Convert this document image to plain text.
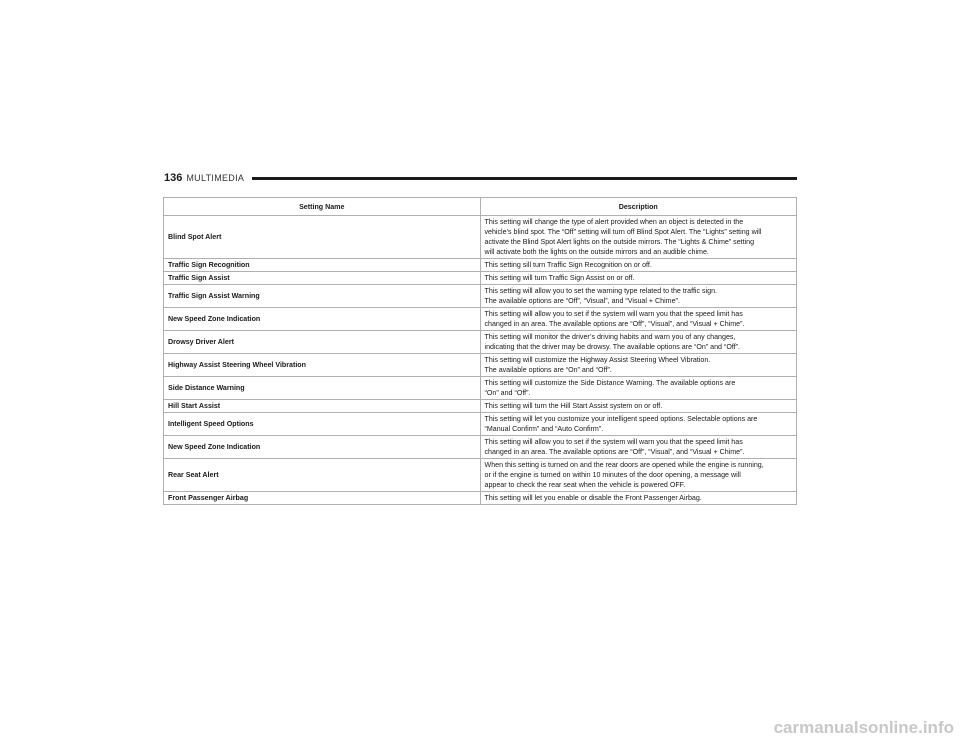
136 MULTIMEDIA
Setting Name	Description
Blind Spot Alert	This setting will change the type of alert provided when an object is detected in the
vehicle’s blind spot. The “Off” setting will turn off Blind Spot Alert. The “Lights” setting will
activate the Blind Spot Alert lights on the outside mirrors. The “Lights & Chime” setting
will activate both the lights on the outside mirrors and an audible chime.

Traffic Sign Recognition	This setting sill turn Traffic Sign Recognition on or off.

Traffic Sign Assist	This setting will turn Traffic Sign Assist on or off.

Traffic Sign Assist Warning	This setting will allow you to set the warning type related to the traffic sign.
The available options are “Off”, “Visual”, and “Visual + Chime”.

New Speed Zone Indication	This setting will allow you to set if the system will warn you that the speed limit has
changed in an area. The available options are “Off”, “Visual”, and “Visual + Chime”.

Drowsy Driver Alert	This setting will monitor the driver’s driving habits and warn you of any changes,
indicating that the driver may be drowsy. The available options are “On” and “Off”.

Highway Assist Steering Wheel Vibration	This setting will customize the Highway Assist Steering Wheel Vibration.
The available options are “On” and “Off”.

Side Distance Warning	This setting will customize the Side Distance Warning. The available options are
“On” and “Off”.

Hill Start Assist	This setting will turn the Hill Start Assist system on or off.

Intelligent Speed Options	This setting will let you customize your intelligent speed options. Selectable options are
“Manual Confirm” and “Auto Confirm”.

New Speed Zone Indication	This setting will allow you to set if the system will warn you that the speed limit has
changed in an area. The available options are “Off”, “Visual”, and “Visual + Chime”.

Rear Seat Alert	When this setting is turned on and the rear doors are opened while the engine is running,
or if the engine is turned on within 10 minutes of the door opening, a message will
appear to check the rear seat when the vehicle is powered OFF.

Front Passenger Airbag	This setting will let you enable or disable the Front Passenger Airbag.
carmanualsonline.info
